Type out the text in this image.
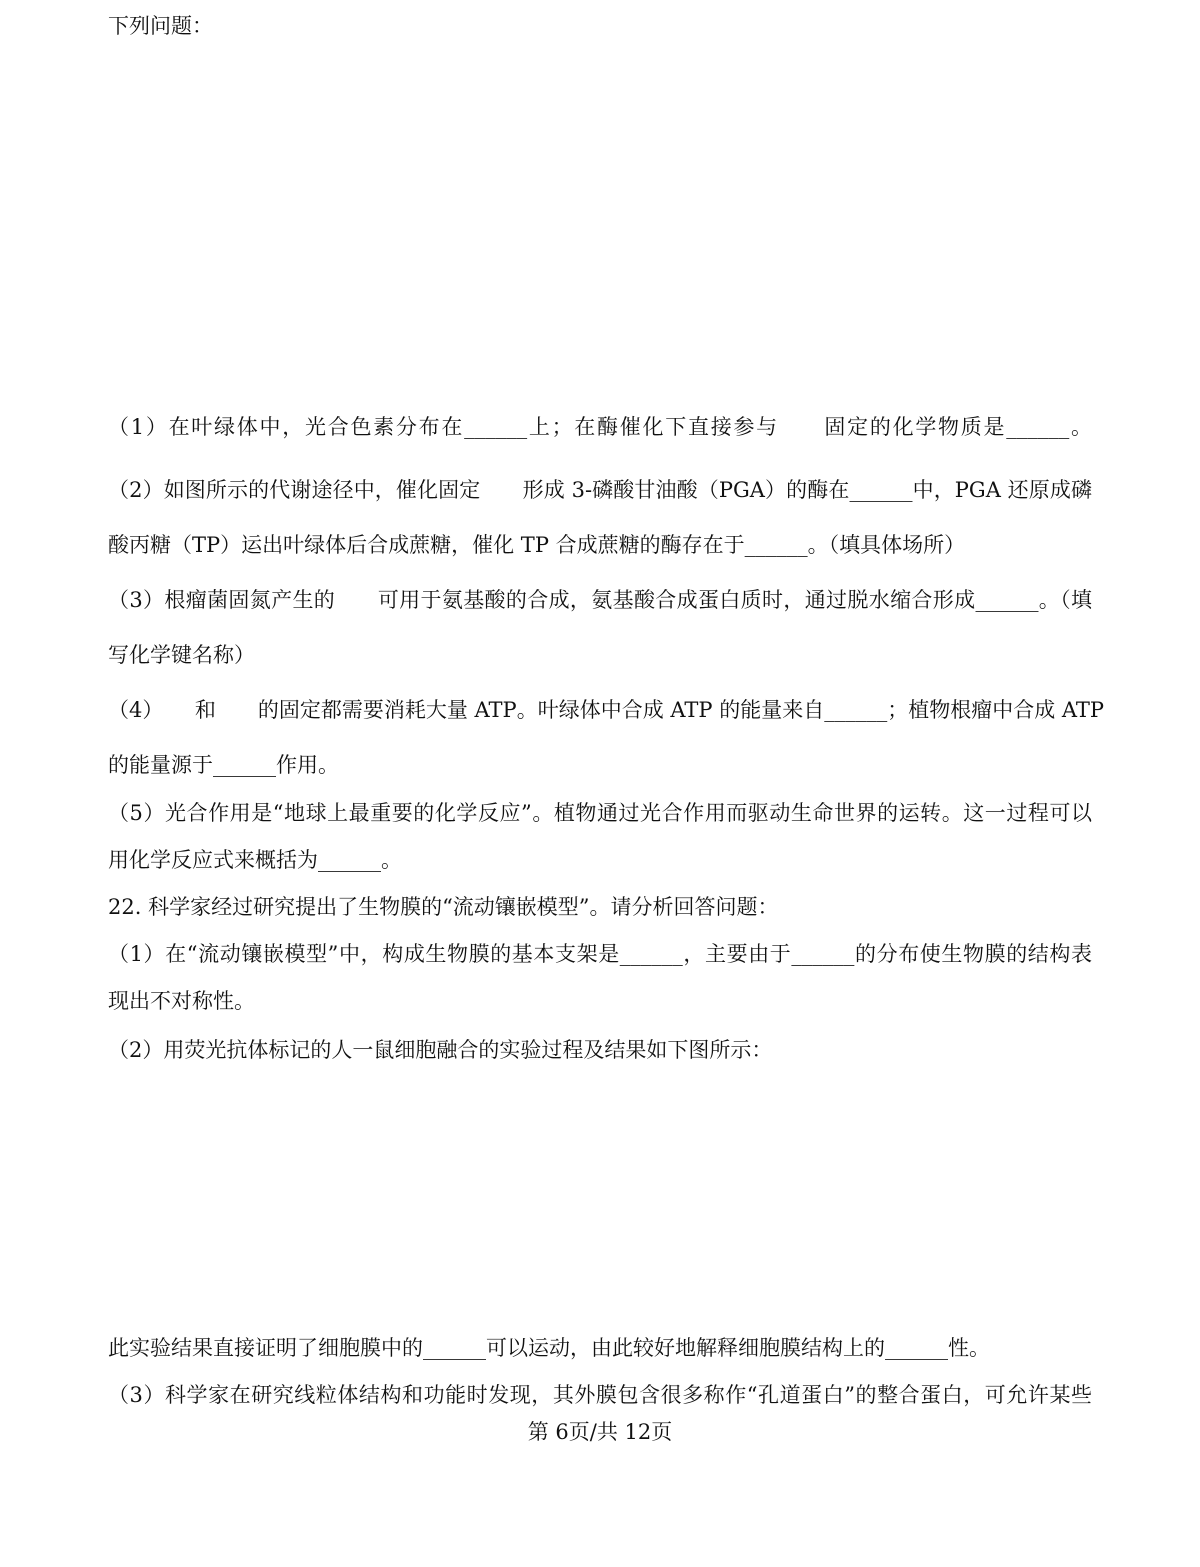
下列问题：
（1）在叶绿体中，光合色素分布在______上；在酶催化下直接参与　　固定的化学物质是______。
（2）如图所示的代谢途径中，催化固定　　形成 3-磷酸甘油酸（PGA）的酶在______中，PGA 还原成磷
酸丙糖（TP）运出叶绿体后合成蔗糖，催化 TP 合成蔗糖的酶存在于______。（填具体场所）
（3）根瘤菌固氮产生的　　可用于氨基酸的合成，氨基酸合成蛋白质时，通过脱水缩合形成______。（填
写化学键名称）
（4）　　和　　的固定都需要消耗大量 ATP。叶绿体中合成 ATP 的能量来自______；植物根瘤中合成 ATP
的能量源于______作用。
（5）光合作用是“地球上最重要的化学反应”。植物通过光合作用而驱动生命世界的运转。这一过程可以
用化学反应式来概括为______。
22. 科学家经过研究提出了生物膜的“流动镶嵌模型”。请分析回答问题：
（1）在“流动镶嵌模型”中，构成生物膜的基本支架是______，主要由于______的分布使生物膜的结构表
现出不对称性。
（2）用荧光抗体标记的人一鼠细胞融合的实验过程及结果如下图所示：
此实验结果直接证明了细胞膜中的______可以运动，由此较好地解释细胞膜结构上的______性。
（3）科学家在研究线粒体结构和功能时发现，其外膜包含很多称作“孔道蛋白”的整合蛋白，可允许某些
第 6页/共 12页
